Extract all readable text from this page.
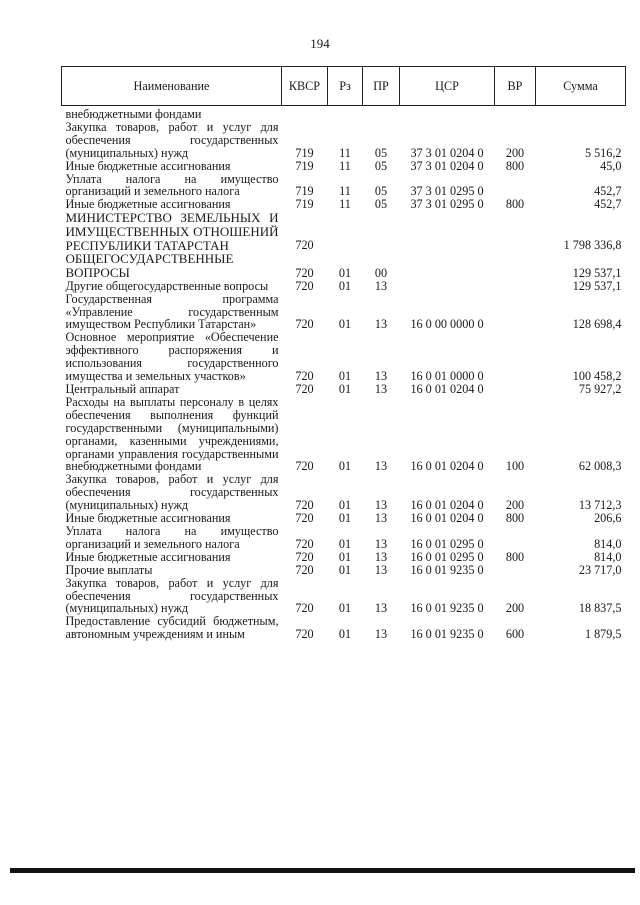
194
Наименование	КВСР	Рз	ПР	ЦСР	ВР	Сумма
внебюджетными фондами						
Закупка товаров, работ и услуг для обеспечения государственных (муниципальных) нужд	719	11	05	37 3 01 0204 0	200	5 516,2
Иные бюджетные ассигнования	719	11	05	37 3 01 0204 0	800	45,0
Уплата налога на имущество организаций и земельного налога	719	11	05	37 3 01 0295 0		452,7
Иные бюджетные ассигнования	719	11	05	37 3 01 0295 0	800	452,7
МИНИСТЕРСТВО ЗЕМЕЛЬНЫХ И ИМУЩЕСТВЕННЫХ ОТНОШЕНИЙ РЕСПУБЛИКИ ТАТАРСТАН	720					1 798 336,8
ОБЩЕГОСУДАРСТВЕННЫЕ ВОПРОСЫ	720	01	00			129 537,1
Другие общегосударственные вопросы	720	01	13			129 537,1
Государственная программа «Управление государственным имуществом Республики Татарстан»	720	01	13	16 0 00 0000 0		128 698,4
Основное мероприятие «Обеспечение эффективного распоряжения и использования государственного имущества и земельных участков»	720	01	13	16 0 01 0000 0		100 458,2
Центральный аппарат	720	01	13	16 0 01 0204 0		75 927,2
Расходы на выплаты персоналу в целях обеспечения выполнения функций государственными (муниципальными) органами, казенными учреждениями, органами управления государственными внебюджетными фондами	720	01	13	16 0 01 0204 0	100	62 008,3
Закупка товаров, работ и услуг для обеспечения государственных (муниципальных) нужд	720	01	13	16 0 01 0204 0	200	13 712,3
Иные бюджетные ассигнования	720	01	13	16 0 01 0204 0	800	206,6
Уплата налога на имущество организаций и земельного налога	720	01	13	16 0 01 0295 0		814,0
Иные бюджетные ассигнования	720	01	13	16 0 01 0295 0	800	814,0
Прочие выплаты	720	01	13	16 0 01 9235 0		23 717,0
Закупка товаров, работ и услуг для обеспечения государственных (муниципальных) нужд	720	01	13	16 0 01 9235 0	200	18 837,5
Предоставление субсидий бюджетным, автономным учреждениям и иным	720	01	13	16 0 01 9235 0	600	1 879,5
